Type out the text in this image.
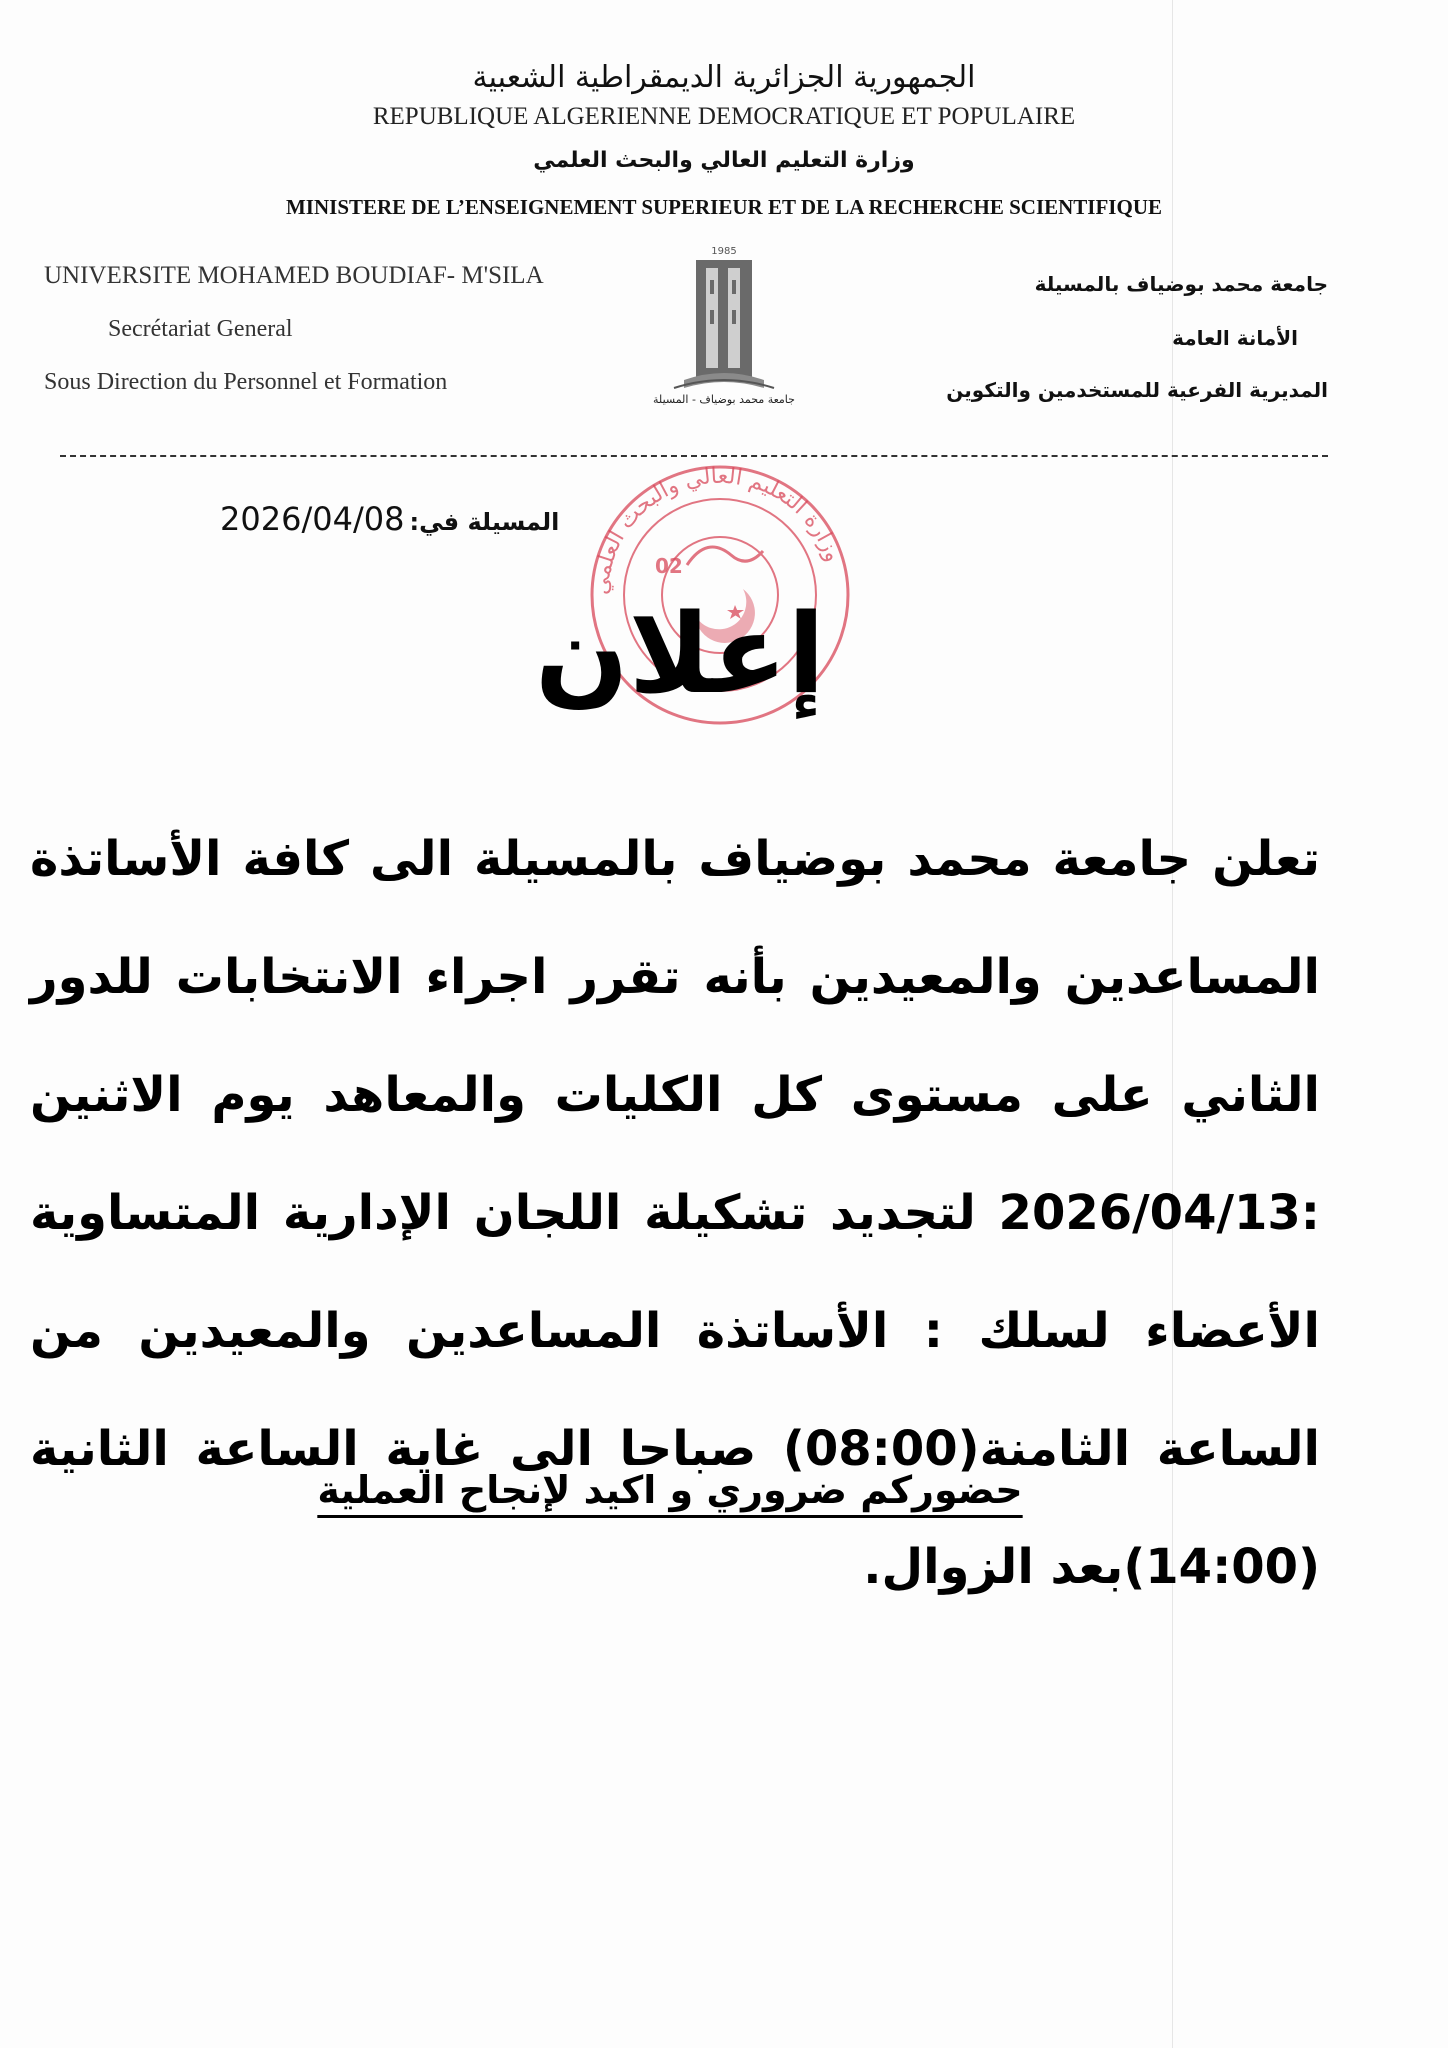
الجمهورية الجزائرية الديمقراطية الشعبية
REPUBLIQUE ALGERIENNE DEMOCRATIQUE ET POPULAIRE
وزارة التعليم العالي والبحث العلمي
MINISTERE DE L’ENSEIGNEMENT SUPERIEUR ET DE LA RECHERCHE SCIENTIFIQUE
UNIVERSITE MOHAMED BOUDIAF- M'SILA
Secrétariat General
Sous Direction du Personnel et Formation
جامعة محمد بوضياف بالمسيلة
الأمانة العامة
المديرية الفرعية للمستخدمين والتكوين
1985
جامعة محمد بوضياف - المسيلة
المسيلة في: 2026/04/08
وزارة التعليم العالي والبحث العلمي
02
إعلان
تعلن جامعة محمد بوضياف بالمسيلة الى كافة الأساتذة المساعدين والمعيدين بأنه تقرر اجراء الانتخابات للدور الثاني على مستوى كل الكليات والمعاهد يوم الاثنين :2026/04/13 لتجديد تشكيلة اللجان الإدارية المتساوية الأعضاء لسلك : الأساتذة المساعدين والمعيدين من الساعة الثامنة(08:00) صباحا الى غاية الساعة الثانية (14:00)بعد الزوال.
حضوركم ضروري و اكيد لإنجاح العملية
